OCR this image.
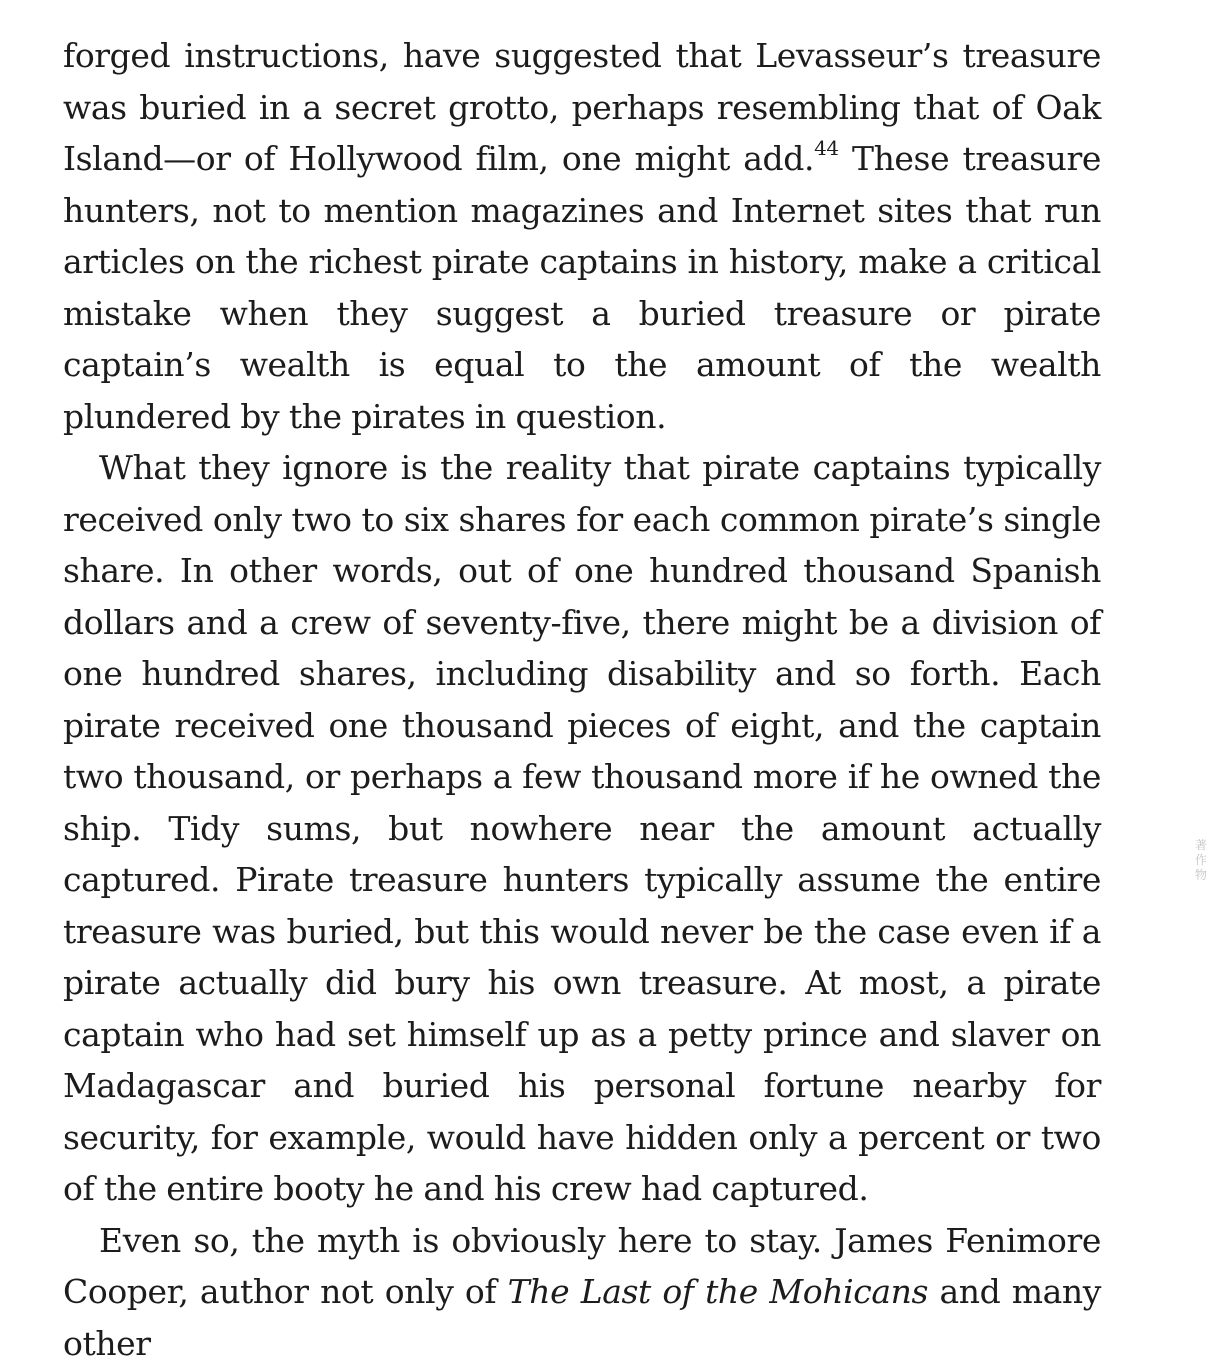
forged instructions, have suggested that Levasseur’s treasure was buried in a secret grotto, perhaps resembling that of Oak Island—or of Hollywood film, one might add.$^{44}$ These treasure hunters, not to mention magazines and Internet sites that run articles on the richest pirate captains in history, make a critical mistake when they suggest a buried treasure or pirate captain’s wealth is equal to the amount of the wealth plundered by the pirates in question.

What they ignore is the reality that pirate captains typically received only two to six shares for each common pirate’s single share. In other words, out of one hundred thousand Spanish dollars and a crew of seventy-five, there might be a division of one hundred shares, including disability and so forth. Each pirate received one thousand pieces of eight, and the captain two thousand, or perhaps a few thousand more if he owned the ship. Tidy sums, but nowhere near the amount actually captured. Pirate treasure hunters typically assume the entire treasure was buried, but this would never be the case even if a pirate actually did bury his own treasure. At most, a pirate captain who had set himself up as a petty prince and slaver on Madagascar and buried his personal fortune nearby for security, for example, would have hidden only a percent or two of the entire booty he and his crew had captured.

Even so, the myth is obviously here to stay. James Fenimore Cooper, author not only of The Last of the Mohicans and many other

著
作
物
